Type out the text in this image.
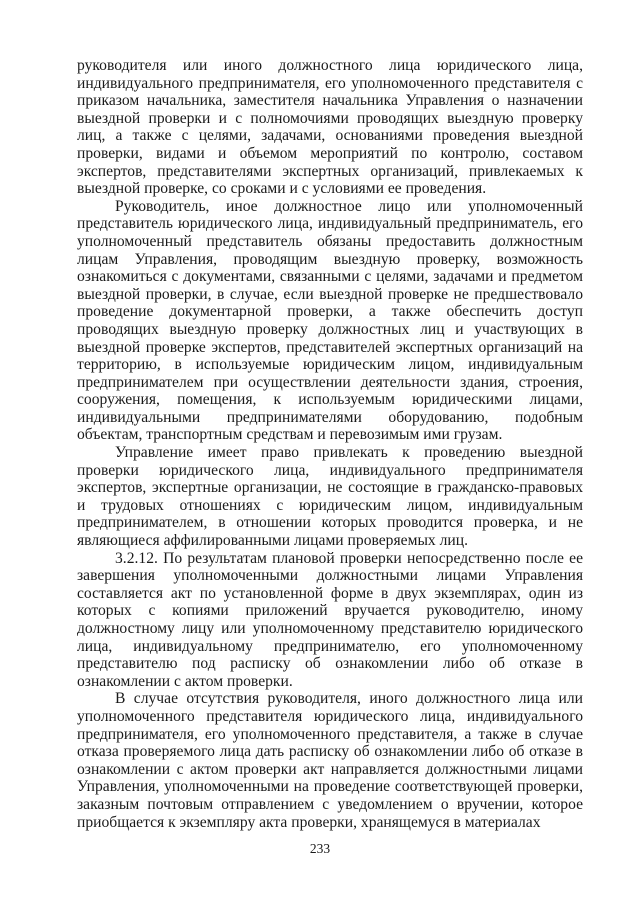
руководителя или иного должностного лица юридического лица, индивидуального предпринимателя, его уполномоченного представителя с приказом начальника, заместителя начальника Управления о назначении выездной проверки и с полномочиями проводящих выездную проверку лиц, а также с целями, задачами, основаниями проведения выездной проверки, видами и объемом мероприятий по контролю, составом экспертов, представителями экспертных организаций, привлекаемых к выездной проверке, со сроками и с условиями ее проведения.

Руководитель, иное должностное лицо или уполномоченный представитель юридического лица, индивидуальный предприниматель, его уполномоченный представитель обязаны предоставить должностным лицам Управления, проводящим выездную проверку, возможность ознакомиться с документами, связанными с целями, задачами и предметом выездной проверки, в случае, если выездной проверке не предшествовало проведение документарной проверки, а также обеспечить доступ проводящих выездную проверку должностных лиц и участвующих в выездной проверке экспертов, представителей экспертных организаций на территорию, в используемые юридическим лицом, индивидуальным предпринимателем при осуществлении деятельности здания, строения, сооружения, помещения, к используемым юридическими лицами, индивидуальными предпринимателями оборудованию, подобным объектам, транспортным средствам и перевозимым ими грузам.

Управление имеет право привлекать к проведению выездной проверки юридического лица, индивидуального предпринимателя экспертов, экспертные организации, не состоящие в гражданско-правовых и трудовых отношениях с юридическим лицом, индивидуальным предпринимателем, в отношении которых проводится проверка, и не являющиеся аффилированными лицами проверяемых лиц.

3.2.12. По результатам плановой проверки непосредственно после ее завершения уполномоченными должностными лицами Управления составляется акт по установленной форме в двух экземплярах, один из которых с копиями приложений вручается руководителю, иному должностному лицу или уполномоченному представителю юридического лица, индивидуальному предпринимателю, его уполномоченному представителю под расписку об ознакомлении либо об отказе в ознакомлении с актом проверки.

В случае отсутствия руководителя, иного должностного лица или уполномоченного представителя юридического лица, индивидуального предпринимателя, его уполномоченного представителя, а также в случае отказа проверяемого лица дать расписку об ознакомлении либо об отказе в ознакомлении с актом проверки акт направляется должностными лицами Управления, уполномоченными на проведение соответствующей проверки, заказным почтовым отправлением с уведомлением о вручении, которое приобщается к экземпляру акта проверки, хранящемуся в материалах

233
